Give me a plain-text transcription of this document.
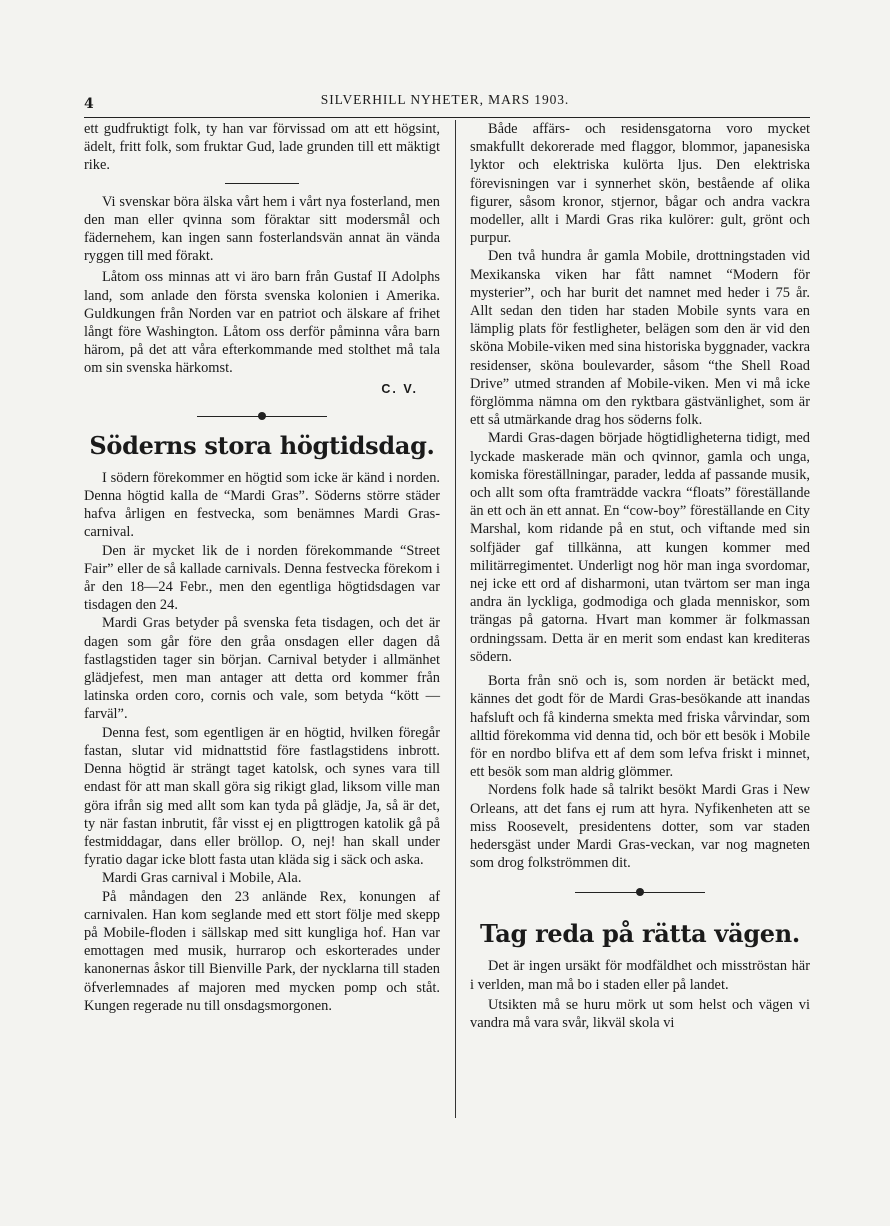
4	SILVERHILL NYHETER, MARS 1903.

ett gudfruktigt folk, ty han var förvissad om att ett högsint, ädelt, fritt folk, som fruktar Gud, lade grunden till ett mäktigt rike.

Vi svenskar böra älska vårt hem i vårt nya fosterland, men den man eller qvinna som föraktar sitt modersmål och fädernehem, kan ingen sann fosterlandsvän annat än vända ryggen till med förakt.

Låtom oss minnas att vi äro barn från Gustaf II Adolphs land, som anlade den första svenska kolonien i Amerika. Guldkungen från Norden var en patriot och älskare af frihet långt före Washington. Låtom oss derför påminna våra barn härom, på det att våra efterkommande med stolthet må tala om sin svenska härkomst.

C. V.
Söderns stora högtidsdag.

I södern förekommer en högtid som icke är känd i norden. Denna högtid kalla de “Mardi Gras”. Söderns större städer hafva årligen en festvecka, som benämnes Mardi Gras-carnival.

Den är mycket lik de i norden förekommande “Street Fair” eller de så kallade carnivals. Denna festvecka förekom i år den 18—24 Febr., men den egentliga högtidsdagen var tisdagen den 24.

Mardi Gras betyder på svenska feta tisdagen, och det är dagen som går före den gråa onsdagen eller dagen då fastlagstiden tager sin början. Carnival betyder i allmänhet glädjefest, men man antager att detta ord kommer från latinska orden coro, cornis och vale, som betyda “kött — farväl”.

Denna fest, som egentligen är en högtid, hvilken föregår fastan, slutar vid midnattstid före fastlagstidens inbrott. Denna högtid är strängt taget katolsk, och synes vara till endast för att man skall göra sig rikigt glad, liksom ville man göra ifrån sig med allt som kan tyda på glädje, Ja, så är det, ty när fastan inbrutit, får visst ej en pligttrogen katolik gå på festmiddagar, dans eller bröllop. O, nej! han skall under fyratio dagar icke blott fasta utan kläda sig i säck och aska.

Mardi Gras carnival i Mobile, Ala.

På måndagen den 23 anlände Rex, konungen af carnivalen. Han kom seglande med ett stort följe med skepp på Mobile-floden i sällskap med sitt kungliga hof. Han var emottagen med musik, hurrarop och eskorterades under kanonernas åskor till Bienville Park, der nycklarna till staden öfverlemnades af majoren med mycken pomp och ståt. Kungen regerade nu till onsdagsmorgonen.

Både affärs- och residensgatorna voro mycket smakfullt dekorerade med flaggor, blommor, japanesiska lyktor och elektriska kulörta ljus. Den elektriska förevisningen var i synnerhet skön, bestående af olika figurer, såsom kronor, stjernor, bågar och andra vackra modeller, allt i Mardi Gras rika kulörer: gult, grönt och purpur.

Den två hundra år gamla Mobile, drottningstaden vid Mexikanska viken har fått namnet “Modern för mysterier”, och har burit det namnet med heder i 75 år. Allt sedan den tiden har staden Mobile synts vara en lämplig plats för festligheter, belägen som den är vid den sköna Mobile-viken med sina historiska byggnader, vackra residenser, sköna boulevarder, såsom “the Shell Road Drive” utmed stranden af Mobile-viken. Men vi må icke förglömma nämna om den ryktbara gästvänlighet, som är ett så utmärkande drag hos söderns folk.

Mardi Gras-dagen började högtidligheterna tidigt, med lyckade maskerade män och qvinnor, gamla och unga, komiska föreställningar, parader, ledda af passande musik, och allt som ofta framträdde vackra “floats” föreställande än ett och än ett annat. En “cow-boy” föreställande en City Marshal, kom ridande på en stut, och viftande med sin solfjäder gaf tillkänna, att kungen kommer med militärregimentet. Underligt nog hör man inga svordomar, nej icke ett ord af disharmoni, utan tvärtom ser man inga andra än lyckliga, godmodiga och glada menniskor, som trängas på gatorna. Hvart man kommer är folkmassan ordningssam. Detta är en merit som endast kan krediteras södern.

Borta från snö och is, som norden är betäckt med, kännes det godt för de Mardi Gras-besökande att inandas hafsluft och få kinderna smekta med friska vårvindar, som alltid förekomma vid denna tid, och bör ett besök i Mobile för en nordbo blifva ett af dem som lefva friskt i minnet, ett besök som man aldrig glömmer.

Nordens folk hade så talrikt besökt Mardi Gras i New Orleans, att det fans ej rum att hyra. Nyfikenheten att se miss Roosevelt, presidentens dotter, som var staden hedersgäst under Mardi Gras-veckan, var nog magneten som drog folkströmmen dit.

Tag reda på rätta vägen.

Det är ingen ursäkt för modfäldhet och misströstan här i verlden, man må bo i staden eller på landet.

Utsikten må se huru mörk ut som helst och vägen vi vandra må vara svår, likväl skola vi
